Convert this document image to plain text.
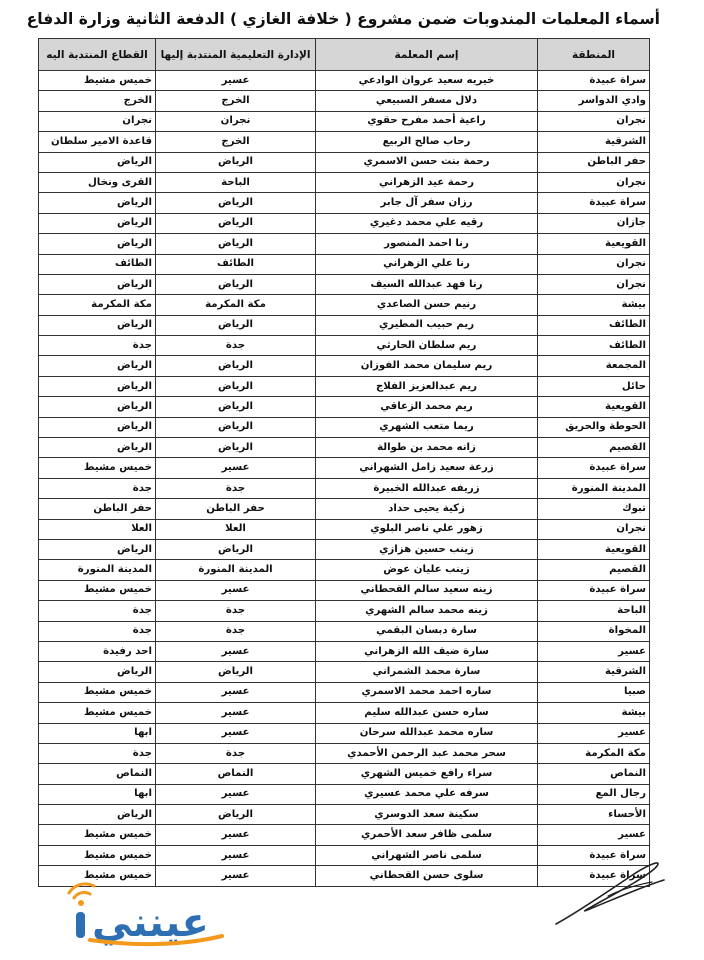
أسماء المعلمات المندوبات ضمن مشروع ( خلافة الغازي ) الدفعة الثانية وزارة الدفاع
المنطقة	إسم المعلمة	الإدارة التعليمية المنتدبة إليها	القطاع المنتدبة اليه
سراة عبيدة	خيريه سعيد عروان الوادعي	عسير	خميس مشيط
وادي الدواسر	دلال مسفر السبيعي	الخرج	الخرج
نجران	راعية أحمد مفرح حقوي	نجران	نجران
الشرقية	رحاب صالح الربيع	الخرج	قاعدة الامير سلطان
حفر الباطن	رحمة بنت حسن الاسمري	الرياض	الرياض
نجران	رحمة عيد الزهراني	الباحة	القرى ونخال
سراة عبيدة	رزان سفر آل جابر	الرياض	الرياض
جازان	رقيه علي محمد دغيري	الرياض	الرياض
القويعية	رنا احمد المنصور	الرياض	الرياض
نجران	رنا علي الزهراني	الطائف	الطائف
نجران	رنا فهد عبدالله السيف	الرياض	الرياض
بيشة	رنيم حسن الصاعدي	مكة المكرمة	مكة المكرمة
الطائف	ريم حبيب المطيري	الرياض	الرياض
الطائف	ريم سلطان الحارثي	جدة	جدة
المجمعة	ريم سليمان محمد الفوزان	الرياض	الرياض
حائل	ريم عبدالعزيز الفلاج	الرياض	الرياض
القويعية	ريم محمد الزعاقي	الرياض	الرياض
الحوطة والحريق	ريما متعب الشهري	الرياض	الرياض
القصيم	زانه محمد بن طوالة	الرياض	الرياض
سراة عبيدة	زرعة سعيد زامل الشهراني	عسير	خميس مشيط
المدينة المنورة	زريفه عبدالله الخبيرة	جدة	جدة
تبوك	زكية يحيى حداد	حفر الباطن	حفر الباطن
نجران	زهور علي ناصر البلوي	العلا	العلا
القويعية	زينب حسين هزازي	الرياض	الرياض
القصيم	زينب عليان عوض	المدينة المنورة	المدينة المنورة
سراة عبيدة	زينه سعيد سالم القحطاني	عسير	خميس مشيط
الباحة	زينه محمد سالم الشهري	جدة	جدة
المخواة	سارة دبسان البقمي	جدة	جدة
عسير	سارة ضيف الله الزهراني	عسير	احد رفيدة
الشرقية	سارة محمد الشمراني	الرياض	الرياض
صبيا	ساره احمد محمد الاسمري	عسير	خميس مشيط
بيشة	ساره حسن عبدالله سليم	عسير	خميس مشيط
عسير	ساره محمد عبدالله سرحان	عسير	ابها
مكة المكرمة	سحر محمد عبد الرحمن الأحمدي	جدة	جدة
النماص	سراء رافع خميس الشهري	النماص	النماص
رجال المع	سرفه علي محمد عسيري	عسير	ابها
الأحساء	سكينة سعد الدوسري	الرياض	الرياض
عسير	سلمى ظافر سعد الأحمري	عسير	خميس مشيط
سراة عبيدة	سلمى ناصر الشهراني	عسير	خميس مشيط
سراة عبيدة	سلوى حسن القحطاني	عسير	خميس مشيط
عينني
